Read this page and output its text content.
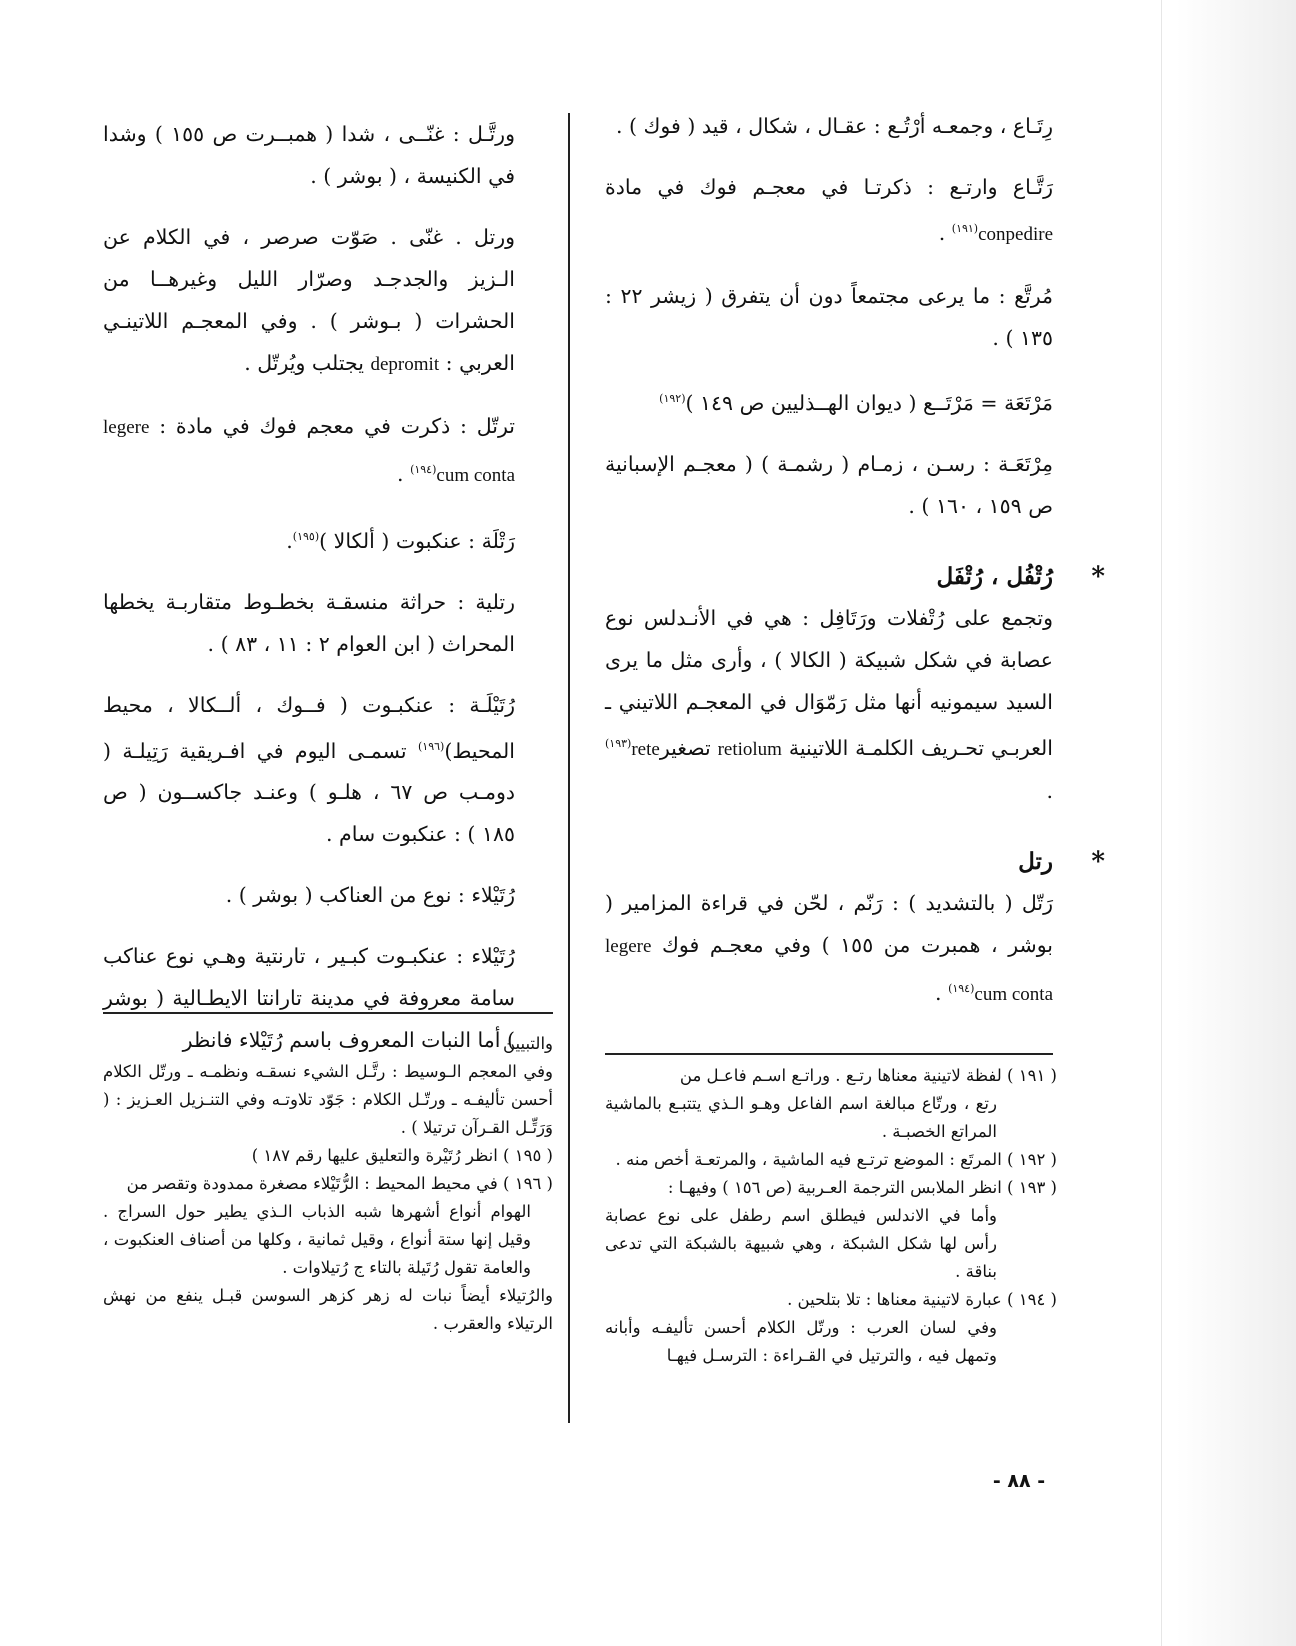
رِتَـاع ، وجمعـه أرْتُـع : عقـال ، شكال ، قيد ( فوك ) .

رَتَّـاع وارتـع : ذكرتـا في معجـم فوك في مادة conpedire$^{(١٩١)}$ .

مُرتَّع : ما يرعى مجتمعاً دون أن يتفرق ( زيشر ٢٢ : ١٣٥ ) .

مَرْتَعَة = مَرْتَــع ( ديوان الهــذليين ص ١٤٩ )$^{(١٩٢)}$

مِرْتَعَـة : رسـن ، زمـام ( رشمـة ) ( معجـم الإسبانية ص ١٥٩ ، ١٦٠ ) .

*
رُتْفُل ، رُتْفَل

وتجمع على رُتْفلات ورَتَافِل : هي في الأنـدلس نوع عصابة في شكل شبيكة ( الكالا ) ، وأرى مثل ما يرى السيد سيمونيه أنها مثل رَمّوَال في المعجـم اللاتيني ـ العربـي تحـريف الكلمـة اللاتينية retiolum تصغيرrete$^{(١٩٣)}$ .

*
رتل

رَتّل ( بالتشديد ) : رَنّم ، لحّن في قراءة المزامير ( بوشر ، همبرت من ١٥٥ ) وفي معجـم فوك legere cum conta$^{(١٩٤)}$ .

ورتَّـل : غنّــى ، شدا ( همبــرت ص ١٥٥ ) وشدا في الكنيسة ، ( بوشر ) .

ورتل . غنّى . صَوّت صرصر ، في الكلام عن الـزيز والجدجـد وصرّار الليل وغيرهــا من الحشرات ( بـوشر ) . وفي المعجـم اللاتينـي العربي : depromit يجتلب ويُرتّل .

ترتّل : ذكرت في معجم فوك في مادة : legere cum conta$^{(١٩٤)}$ .

رَتْلَة : عنكبوت ( ألكالا )$^{(١٩٥)}$.

رتلية : حراثة منسقـة بخطـوط متقاربـة يخطها المحراث ( ابن العوام ٢ : ١١ ، ٨٣ ) .

رُتَيْلَـة : عنكبـوت ( فــوك ، ألــكالا ، محيط المحيط)$^{(١٩٦)}$ تسمـى اليوم في افـريقية رَتِيلـة ( دومـب ص ٦٧ ، هلـو ) وعنـد جاكســون ( ص ١٨٥ ) : عنكبوت سام .

رُتَيْلاء : نوع من العناكب ( بوشر ) .

رُتَيْلاء : عنكبـوت كبـير ، تارنتية وهـي نوع عناكب سامة معروفة في مدينة تارانتا الايطـالية ( بوشر ) أما النبات المعروف باسم رُتَيْلاء فانظر

والتبيين

وفي المعجم الـوسيط : رتَّـل الشيء نسقـه ونظمـه ـ ورتّل الكلام أحسن تأليفـه ـ ورتّـل الكلام : جَوّد تلاوتـه وفي التنـزيل العـزيز : ( وَرَتِّـل القـرآن ترتيلا ) .

( ١٩٥ ) انظر رُتَيْرة والتعليق عليها رقم ١٨٧ )

( ١٩٦ ) في محيط المحيط : الرُّتَيْلاء مصغرة ممدودة وتقصر من

الهوام أنواع أشهرها شبه الذباب الـذي يطير حول السراج . وقيل إنها ستة أنواع ، وقيل ثمانية ، وكلها من أصناف العنكبوت ، والعامة تقول رُتَيلة بالتاء ج رُتيلاوات .

والرُتيلاء أيضاً نبات له زهر كزهر السوسن قبـل ينفع من نهش الرتيلاء والعقرب .

( ١٩١ ) لفظة لاتينية معناها رتـع . وراتـع اسـم فاعـل من

رتع ، ورتّاع مبالغة اسم الفاعل وهـو الـذي يتتبـع بالماشية المراتع الخصبـة .

( ١٩٢ ) المرتَع : الموضع ترتـع فيه الماشية ، والمرتعـة أخص منه .

( ١٩٣ ) انظر الملابس الترجمة العـربية (ص ١٥٦ ) وفيهـا :

وأما في الاندلس فيطلق اسم رطفل على نوع عصابة رأس لها شكل الشبكة ، وهي شبيهة بالشبكة التي تدعى بناقة .

( ١٩٤ ) عبارة لاتينية معناها : تلا بتلحين .

وفي لسان العرب : ورتّل الكلام أحسن تأليفـه وأبانه وتمهل فيه ، والترتيل في القـراءة : الترسـل فيهـا

- ٨٨ -
